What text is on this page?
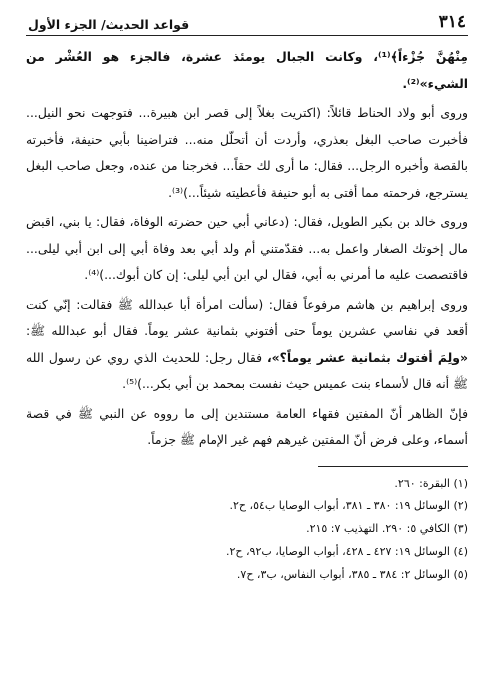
٣١٤
قواعد الحديث/ الجزء الأول

مِنْهُنَّ جُزْءاً﴾⁽¹⁾، وكانت الجبال يومئذ عشرة، فالجزء هو العُشْر من الشيء»⁽²⁾.

وروى أبو ولاد الحناط قائلاً: (اكتريت بغلاً إلى قصر ابن هبيرة... فتوجهت نحو النيل... فأخبرت صاحب البغل بعذري، وأردت أن أتحلّل منه... فتراضينا بأبي حنيفة، فأخبرته بالقصة وأخبره الرجل... فقال: ما أرى لك حقاً... فخرجنا من عنده، وجعل صاحب البغل يسترجع، فرحمته مما أفتى به أبو حنيفة فأعطيته شيئاً...)⁽³⁾.

وروى خالد بن بكير الطويل، فقال: (دعاني أبي حين حضرته الوفاة، فقال: يا بني، اقبض مال إخوتك الصغار واعمل به... فقدّمتني أم ولد أبي بعد وفاة أبي إلى ابن أبي ليلى... فاقتصصت عليه ما أمرني به أبي، فقال لي ابن أبي ليلى: إن كان أبوك...)⁽⁴⁾.

وروى إبراهيم بن هاشم مرفوعاً فقال: (سألت امرأة أبا عبدالله ﷺ فقالت: إنّي كنت أقعد في نفاسي عشرين يوماً حتى أفتوني بثمانية عشر يوماً. فقال أبو عبدالله ﷺ: «ولِمَ أفتوك بثمانية عشر يوماً؟»، فقال رجل: للحديث الذي روي عن رسول الله ﷺ أنه قال لأسماء بنت عميس حيث نفست بمحمد بن أبي بكر...)⁽⁵⁾.

فإنّ الظاهر أنّ المفتين فقهاء العامة مستندين إلى ما رووه عن النبي ﷺ في قصة أسماء، وعلى فرض أنّ المفتين غيرهم فهم غير الإمام ﷺ جزماً.

(١) البقرة: ٢٦٠.

(٢) الوسائل ١٩: ٣٨٠ ـ ٣٨١، أبواب الوصايا ب٥٤، ح٢.

(٣) الكافي ٥: ٢٩٠. التهذيب ٧: ٢١٥.

(٤) الوسائل ١٩: ٤٢٧ ـ ٤٢٨، أبواب الوصايا، ب٩٢، ح٢.

(٥) الوسائل ٢: ٣٨٤ ـ ٣٨٥، أبواب النفاس، ب٣، ح٧.
